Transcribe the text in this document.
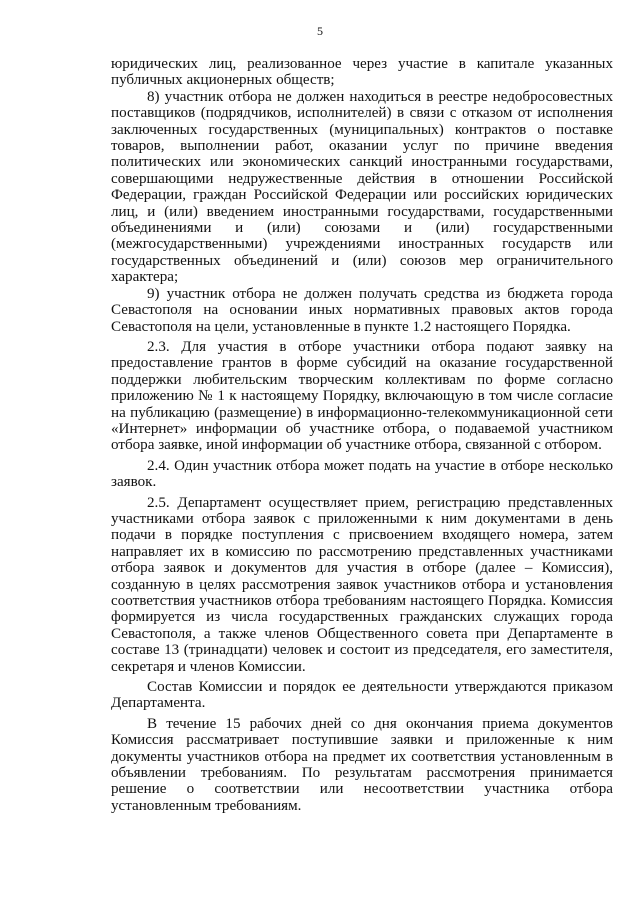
5

юридических лиц, реализованное через участие в капитале указанных публичных акционерных обществ;

8) участник отбора не должен находиться в реестре недобросовестных поставщиков (подрядчиков, исполнителей) в связи с отказом от исполнения заключенных государственных (муниципальных) контрактов о поставке товаров, выполнении работ, оказании услуг по причине введения политических или экономических санкций иностранными государствами, совершающими недружественные действия в отношении Российской Федерации, граждан Российской Федерации или российских юридических лиц, и (или) введением иностранными государствами, государственными объединениями и (или) союзами и (или) государственными (межгосударственными) учреждениями иностранных государств или государственных объединений и (или) союзов мер ограничительного характера;

9) участник отбора не должен получать средства из бюджета города Севастополя на основании иных нормативных правовых актов города Севастополя на цели, установленные в пункте 1.2 настоящего Порядка.

2.3. Для участия в отборе участники отбора подают заявку на предоставление грантов в форме субсидий на оказание государственной поддержки любительским творческим коллективам по форме согласно приложению № 1 к настоящему Порядку, включающую в том числе согласие на публикацию (размещение) в информационно-телекоммуникационной сети «Интернет» информации об участнике отбора, о подаваемой участником отбора заявке, иной информации об участнике отбора, связанной с отбором.

2.4. Один участник отбора может подать на участие в отборе несколько заявок.

2.5. Департамент осуществляет прием, регистрацию представленных участниками отбора заявок с приложенными к ним документами в день подачи в порядке поступления с присвоением входящего номера, затем направляет их в комиссию по рассмотрению представленных участниками отбора заявок и документов для участия в отборе (далее – Комиссия), созданную в целях рассмотрения заявок участников отбора и установления соответствия участников отбора требованиям настоящего Порядка. Комиссия формируется из числа государственных гражданских служащих города Севастополя, а также членов Общественного совета при Департаменте в составе 13 (тринадцати) человек и состоит из председателя, его заместителя, секретаря и членов Комиссии.

Состав Комиссии и порядок ее деятельности утверждаются приказом Департамента.

В течение 15 рабочих дней со дня окончания приема документов Комиссия рассматривает поступившие заявки и приложенные к ним документы участников отбора на предмет их соответствия установленным в объявлении требованиям. По результатам рассмотрения принимается решение о соответствии или несоответствии участника отбора установленным требованиям.
